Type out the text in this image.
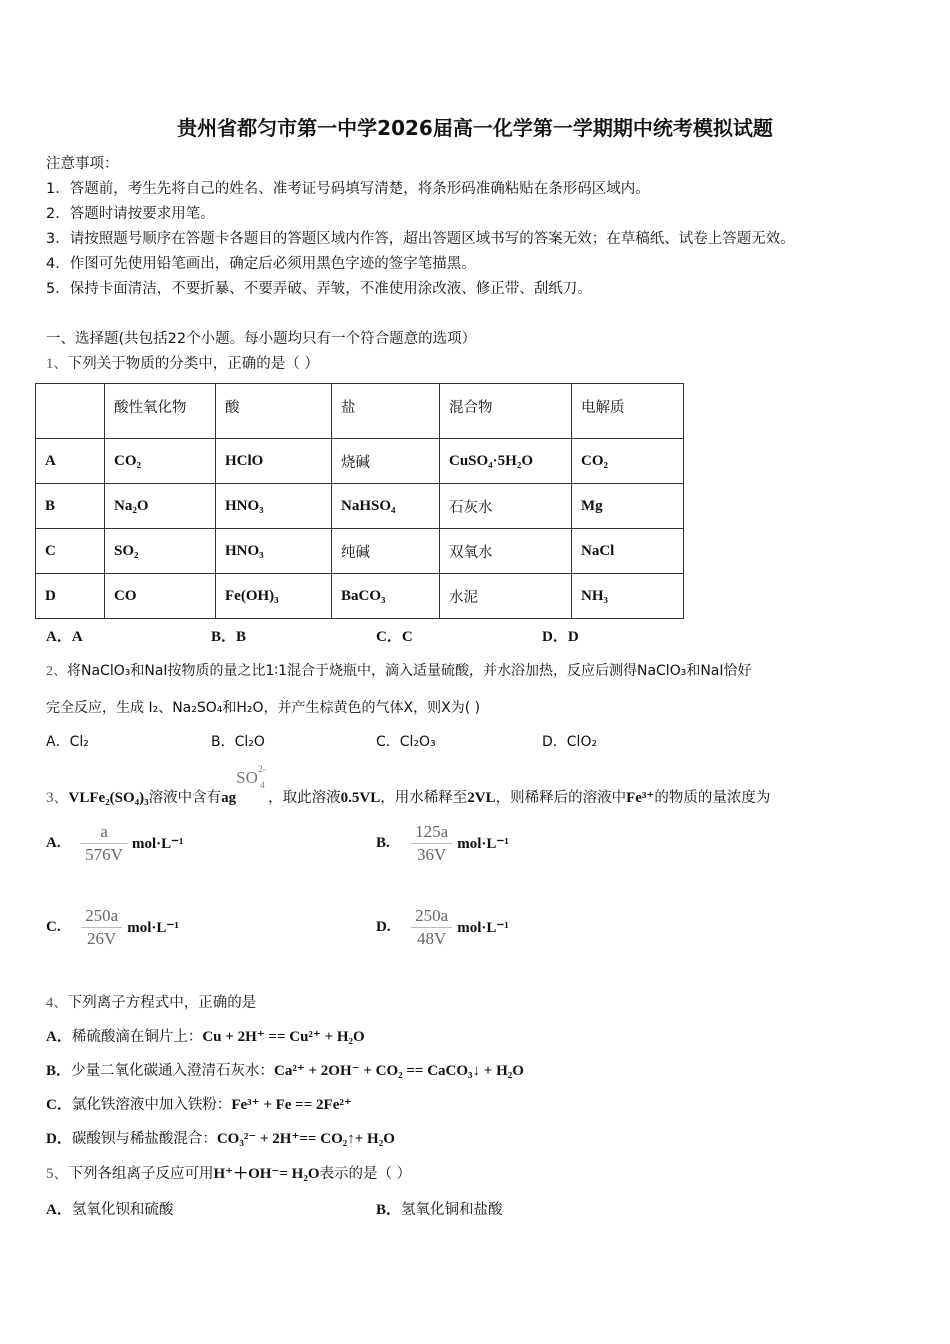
贵州省都匀市第一中学2026届高一化学第一学期期中统考模拟试题
注意事项：
1．答题前，考生先将自己的姓名、准考证号码填写清楚，将条形码准确粘贴在条形码区域内。
2．答题时请按要求用笔。
3．请按照题号顺序在答题卡各题目的答题区域内作答，超出答题区域书写的答案无效；在草稿纸、试卷上答题无效。
4．作图可先使用铅笔画出，确定后必须用黑色字迹的签字笔描黑。
5．保持卡面清洁，不要折暴、不要弄破、弄皱，不准使用涂改液、修正带、刮纸刀。
一、选择题(共包括22个小题。每小题均只有一个符合题意的选项）
1、下列关于物质的分类中，正确的是（ ）
	酸性氧化物	酸	盐	混合物	电解质
A	CO₂	HClO	烧碱	CuSO₄·5H₂O	CO₂
B	Na₂O	HNO₃	NaHSO₄	石灰水	Mg
C	SO₂	HNO₃	纯碱	双氧水	NaCl
D	CO	Fe(OH)₃	BaCO₃	水泥	NH₃
A．A	B．B	C．C	D．D
2、将NaClO₃和NaI按物质的量之比1∶1混合于烧瓶中，滴入适量硫酸，并水浴加热，反应后测得NaClO₃和NaI恰好
完全反应，生成 I₂、Na₂SO₄和H₂O，并产生棕黄色的气体X，则X为( )
A．Cl₂	B．Cl₂O	C．Cl₂O₃	D．ClO₂
3、VLFe₂(SO₄)₃溶液中含有ag
SO 2-
4
，取此溶液0.5VL，用水稀释至2VL，则稀释后的溶液中Fe³⁺的物质的量浓度为
A. $\frac{a}{576V} mol\cdot L^{-1}$	B. $\frac{125a}{36V} mol\cdot L^{-1}$
C. $\frac{250a}{26V} mol\cdot L^{-1}$	D. $\frac{250a}{48V} mol\cdot L^{-1}$
4、下列离子方程式中，正确的是
A．稀硫酸滴在铜片上：Cu + 2H⁺ == Cu²⁺ + H₂O
B．少量二氧化碳通入澄清石灰水：Ca²⁺ + 2OH⁻ + CO₂ == CaCO₃↓ + H₂O
C．氯化铁溶液中加入铁粉：Fe³⁺ + Fe == 2Fe²⁺
D．碳酸钡与稀盐酸混合：CO₃²⁻ + 2H⁺== CO₂↑+ H₂O
5、下列各组离子反应可用H⁺＋OH⁻= H₂O表示的是（ ）
A．氢氧化钡和硫酸	B．氢氧化铜和盐酸
